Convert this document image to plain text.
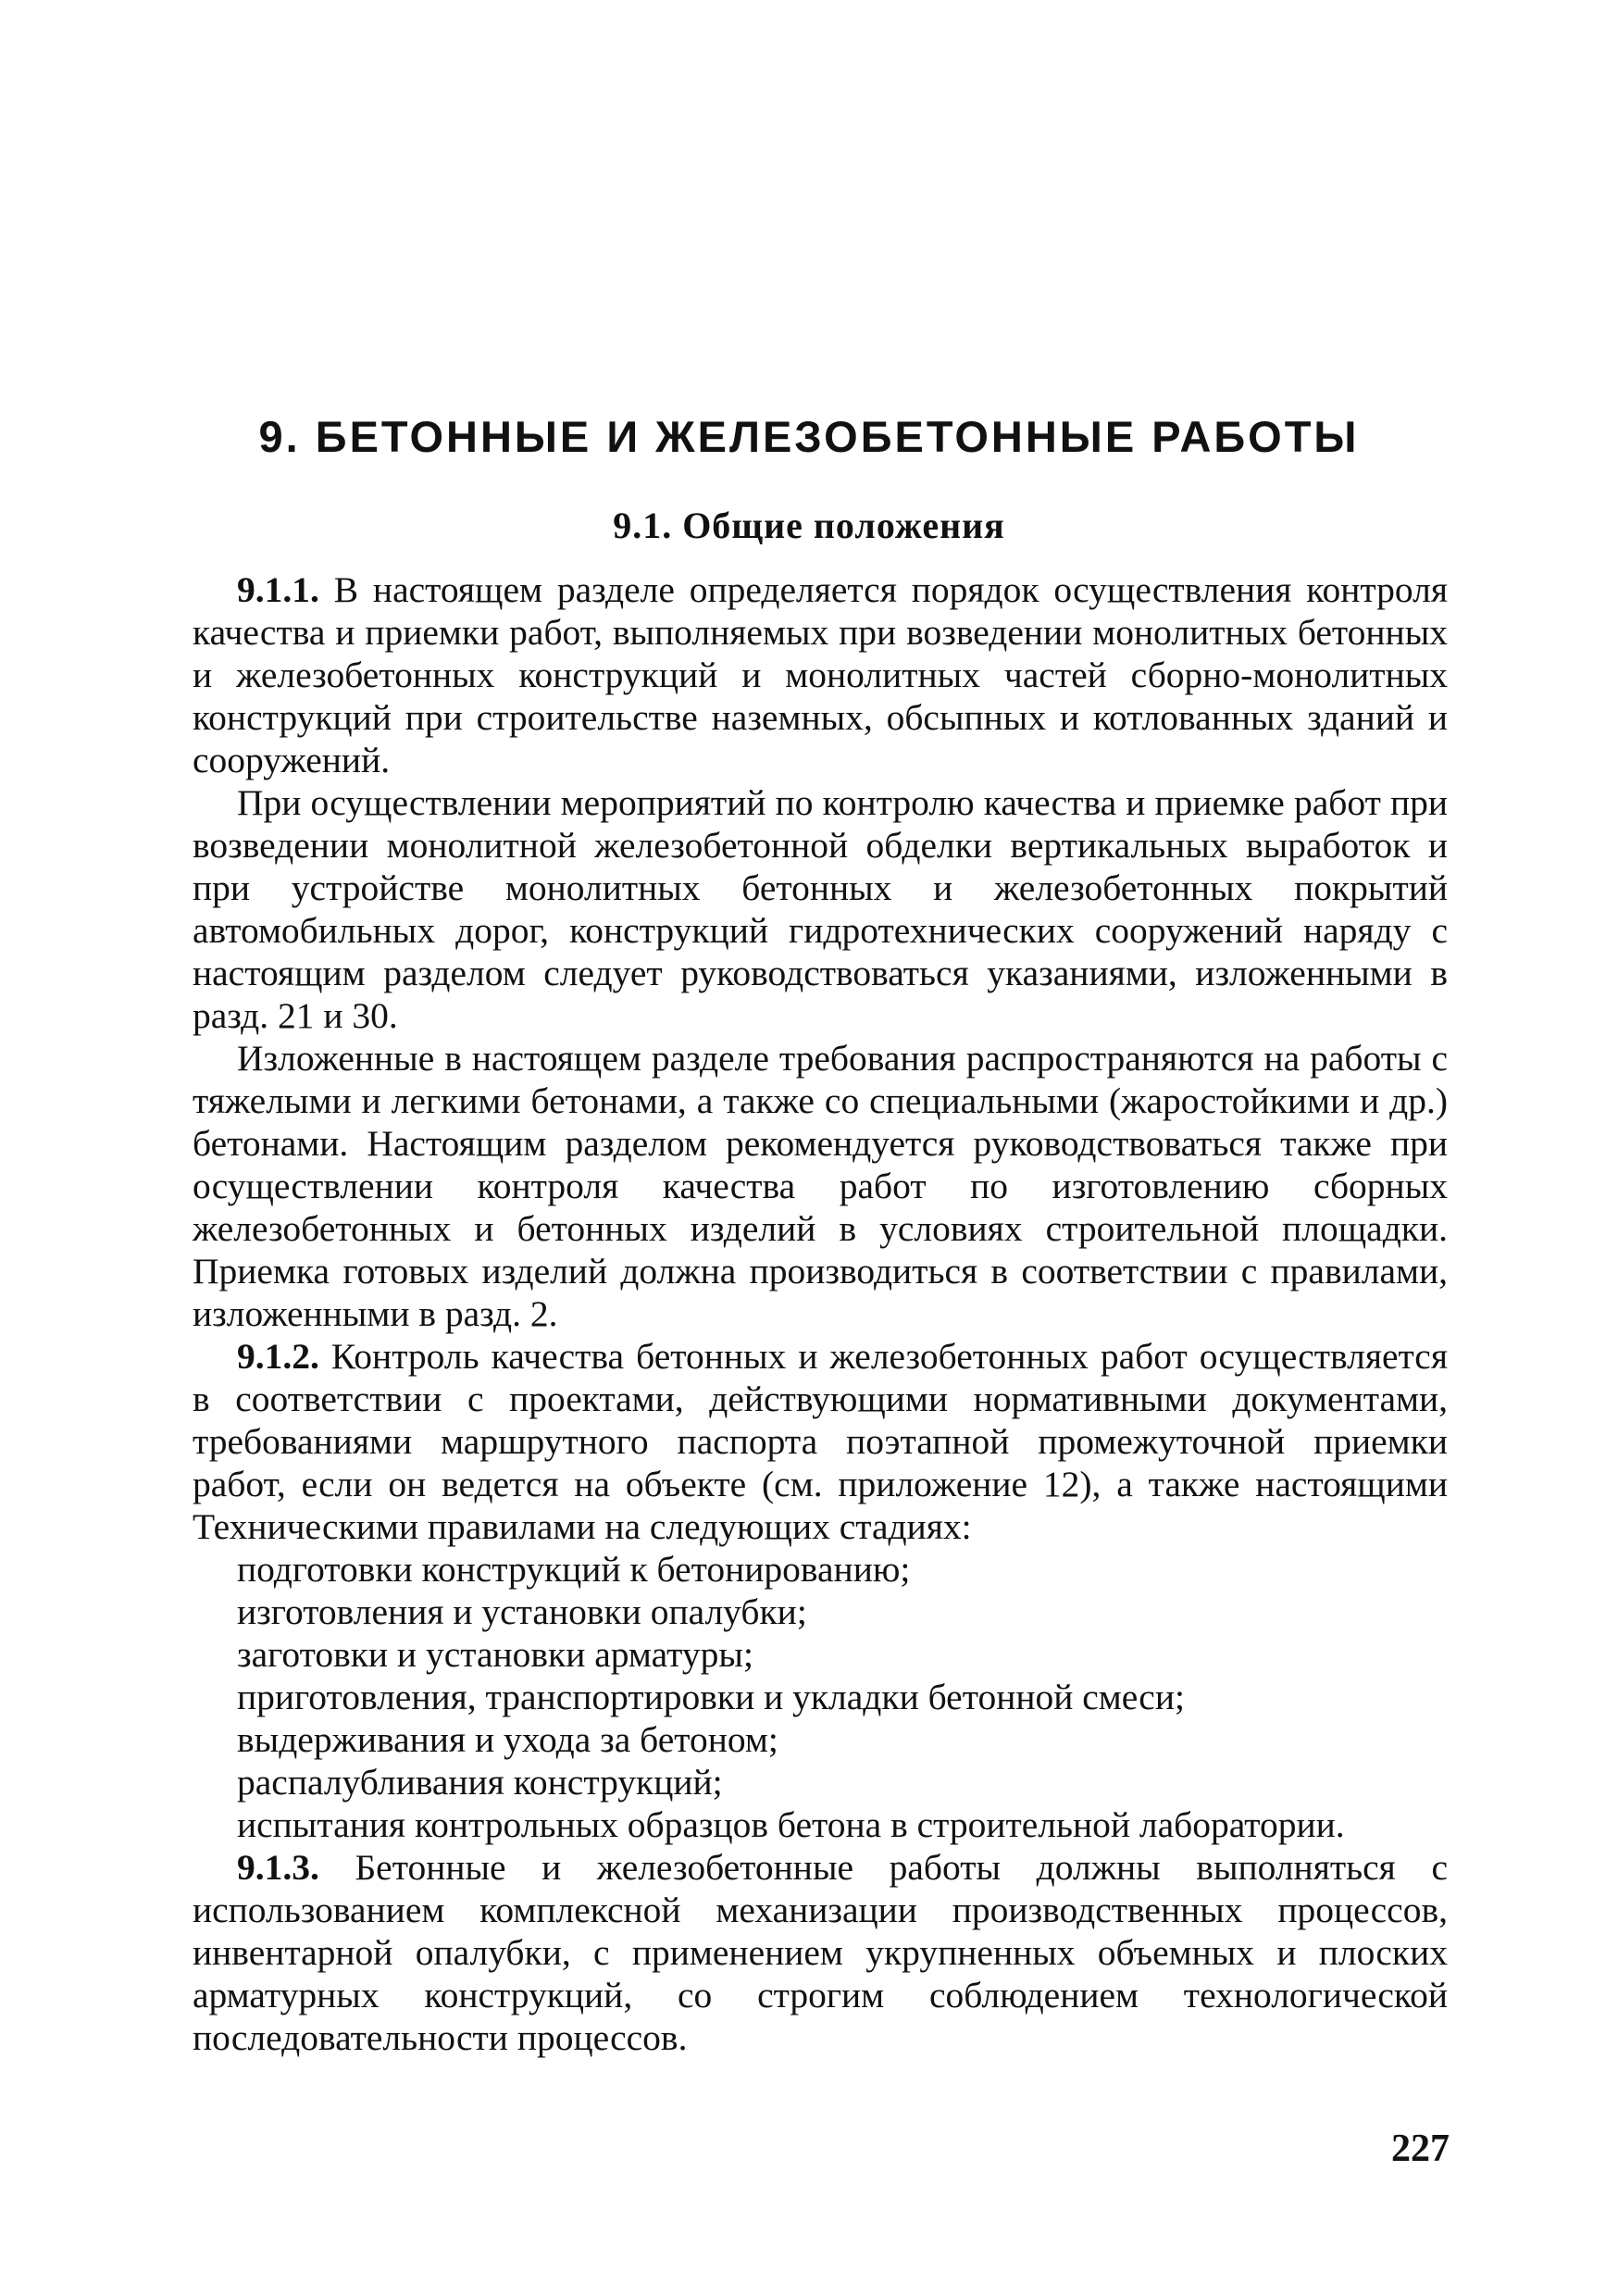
9. БЕТОННЫЕ И ЖЕЛЕЗОБЕТОННЫЕ РАБОТЫ
9.1. Общие положения

9.1.1. В настоящем разделе определяется порядок осуществления контроля качества и приемки работ, выполняемых при возведении монолитных бетонных и железобетонных конструкций и монолитных частей сборно-монолитных конструкций при строительстве наземных, обсыпных и котлованных зданий и сооружений.

При осуществлении мероприятий по контролю качества и приемке работ при возведении монолитной железобетонной обделки вертикальных выработок и при устройстве монолитных бетонных и железобетонных покрытий автомобильных дорог, конструкций гидротехнических сооружений наряду с настоящим разделом следует руководствоваться указаниями, изложенными в разд. 21 и 30.

Изложенные в настоящем разделе требования распространяются на работы с тяжелыми и легкими бетонами, а также со специальными (жаростойкими и др.) бетонами. Настоящим разделом рекомендуется руководствоваться также при осуществлении контроля качества работ по изготовлению сборных железобетонных и бетонных изделий в условиях строительной площадки. Приемка готовых изделий должна производиться в соответствии с правилами, изложенными в разд. 2.

9.1.2. Контроль качества бетонных и железобетонных работ осуществляется в соответствии с проектами, действующими нормативными документами, требованиями маршрутного паспорта поэтапной промежуточной приемки работ, если он ведется на объекте (см. приложение 12), а также настоящими Техническими правилами на следующих стадиях:

подготовки конструкций к бетонированию;
изготовления и установки опалубки;
заготовки и установки арматуры;
приготовления, транспортировки и укладки бетонной смеси;
выдерживания и ухода за бетоном;
распалубливания конструкций;
испытания контрольных образцов бетона в строительной лаборатории.

9.1.3. Бетонные и железобетонные работы должны выполняться с использованием комплексной механизации производственных процессов, инвентарной опалубки, с применением укрупненных объемных и плоских арматурных конструкций, со строгим соблюдением технологической последовательности процессов.

227
